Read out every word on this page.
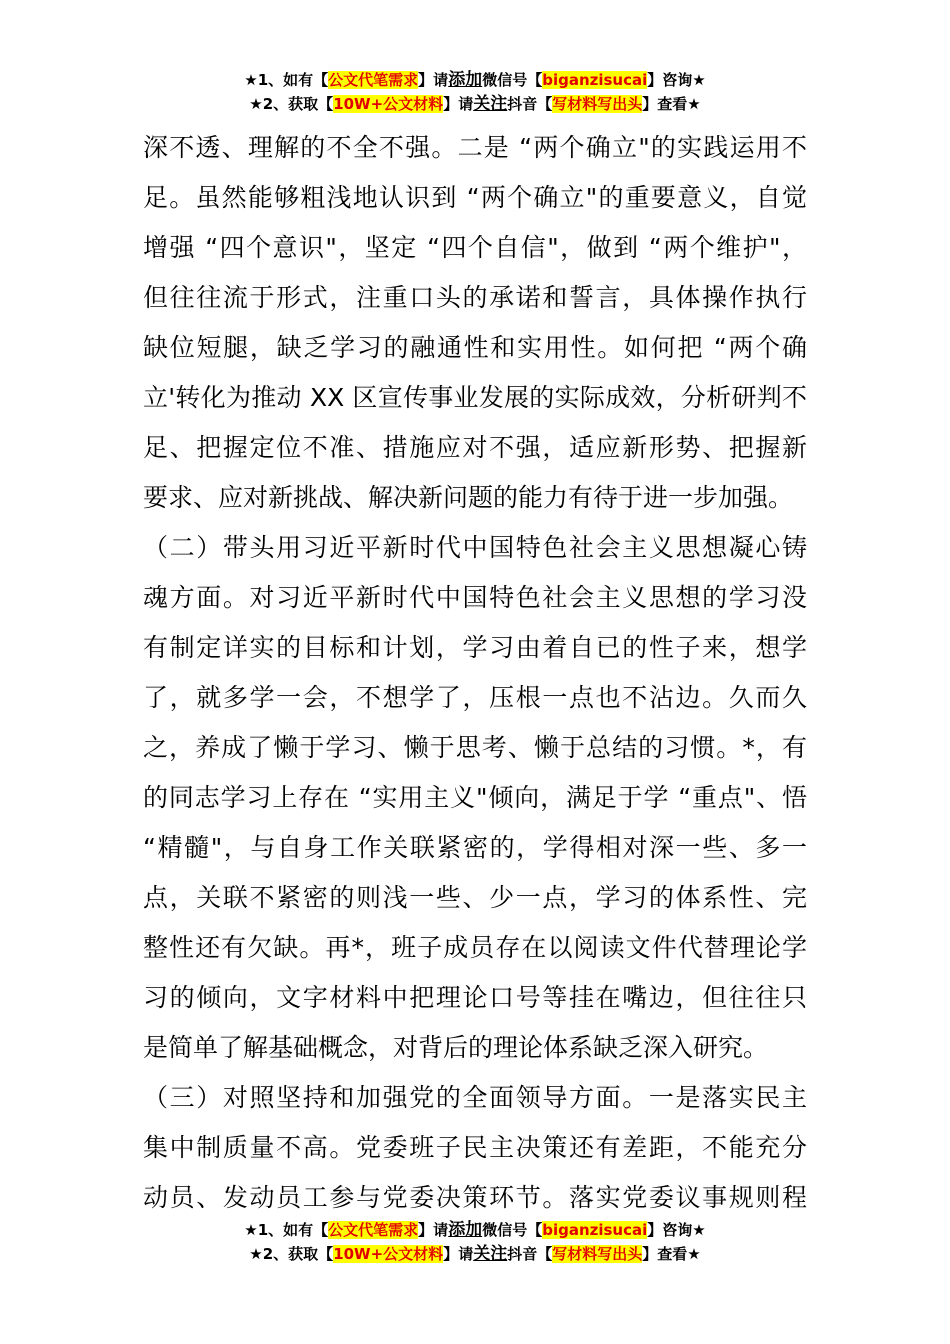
★1、如有【公文代笔需求】请添加微信号【biganzisucai】咨询★
★2、获取【10W+公文材料】请关注抖音【写材料写出头】查看★
深不透、理解的不全不强。二是 “两个确立"的实践运用不
足。虽然能够粗浅地认识到 “两个确立"的重要意义，自觉
增强 “四个意识"，坚定 “四个自信"，做到 “两个维护"，
但往往流于形式，注重口头的承诺和誓言，具体操作执行
缺位短腿，缺乏学习的融通性和实用性。如何把 “两个确
立'转化为推动 XX 区宣传事业发展的实际成效，分析研判不
足、把握定位不准、措施应对不强，适应新形势、把握新
要求、应对新挑战、解决新问题的能力有待于进一步加强。
（二）带头用习近平新时代中国特色社会主义思想凝心铸
魂方面。对习近平新时代中国特色社会主义思想的学习没
有制定详实的目标和计划，学习由着自已的性子来，想学
了，就多学一会，不想学了，压根一点也不沾边。久而久
之，养成了懒于学习、懒于思考、懒于总结的习惯。*，有
的同志学习上存在 “实用主义"倾向，满足于学 “重点"、悟
“精髓"，与自身工作关联紧密的，学得相对深一些、多一
点，关联不紧密的则浅一些、少一点，学习的体系性、完
整性还有欠缺。再*，班子成员存在以阅读文件代替理论学
习的倾向，文字材料中把理论口号等挂在嘴边，但往往只
是简单了解基础概念，对背后的理论体系缺乏深入研究。
（三）对照坚持和加强党的全面领导方面。一是落实民主
集中制质量不高。党委班子民主决策还有差距，不能充分
动员、发动员工参与党委决策环节。落实党委议事规则程
★1、如有【公文代笔需求】请添加微信号【biganzisucai】咨询★
★2、获取【10W+公文材料】请关注抖音【写材料写出头】查看★
